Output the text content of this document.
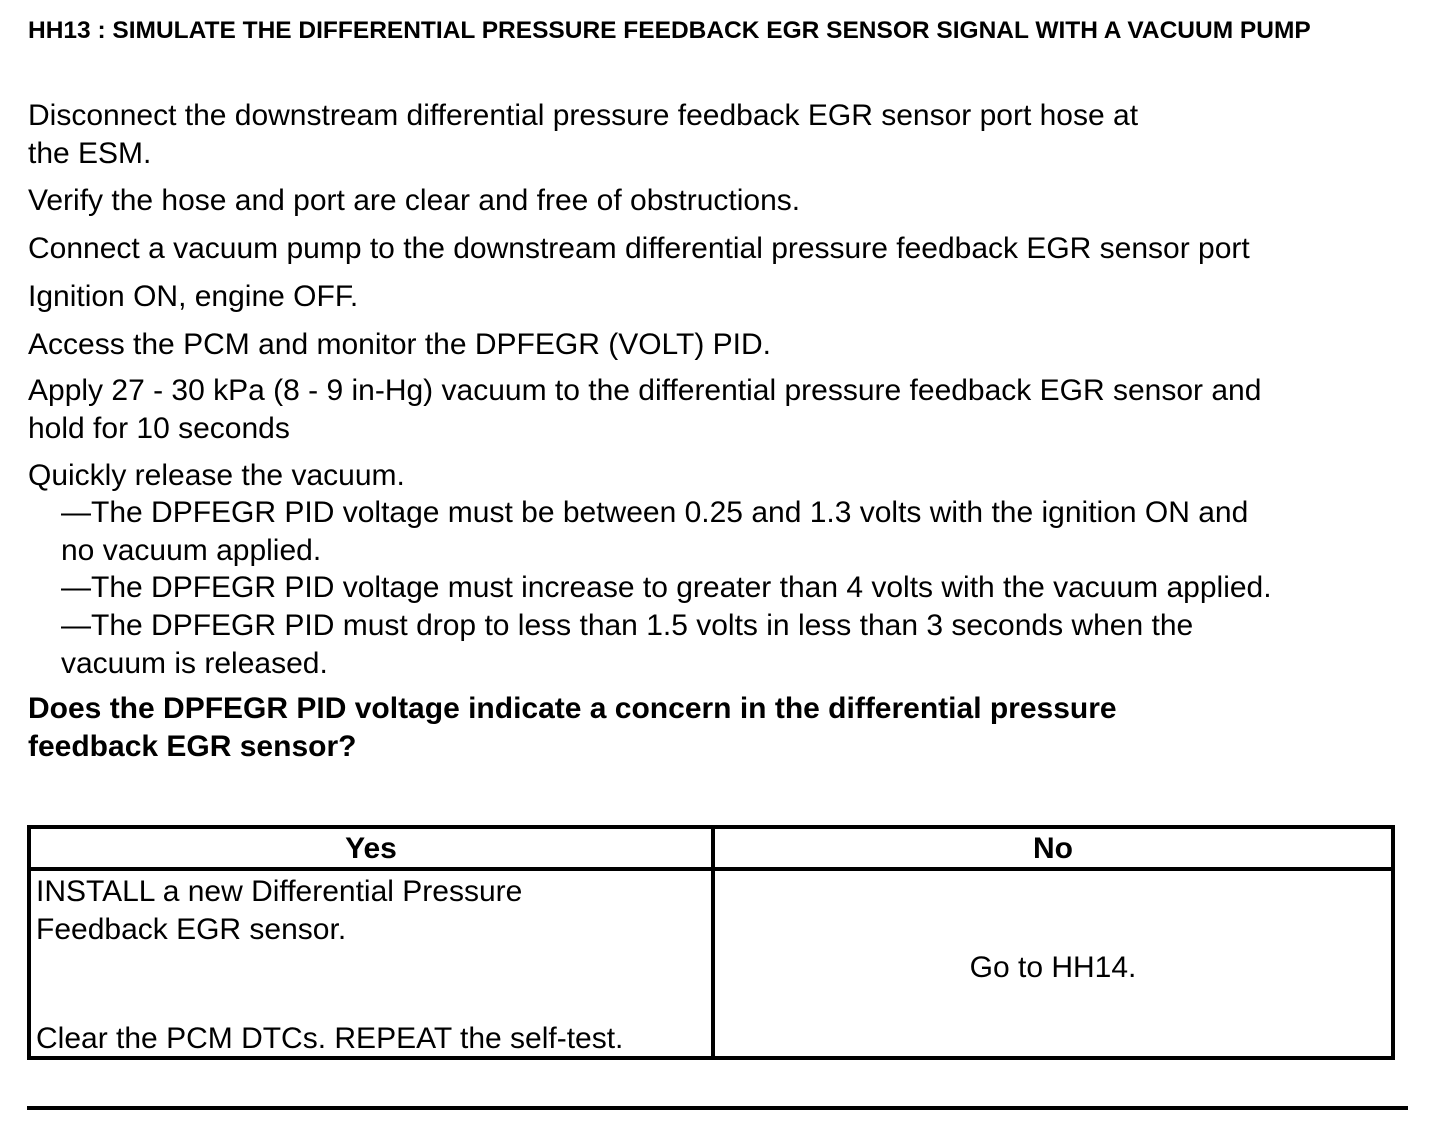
HH13 : SIMULATE THE DIFFERENTIAL PRESSURE FEEDBACK EGR SENSOR SIGNAL WITH A VACUUM PUMP
Disconnect the downstream differential pressure feedback EGR sensor port hose at
the ESM.
Verify the hose and port are clear and free of obstructions.
Connect a vacuum pump to the downstream differential pressure feedback EGR sensor port
Ignition ON, engine OFF.
Access the PCM and monitor the DPFEGR (VOLT) PID.
Apply 27 - 30 kPa (8 - 9 in-Hg) vacuum to the differential pressure feedback EGR sensor and
hold for 10 seconds
Quickly release the vacuum.
—The DPFEGR PID voltage must be between 0.25 and 1.3 volts with the ignition ON and
no vacuum applied.
—The DPFEGR PID voltage must increase to greater than 4 volts with the vacuum applied.
—The DPFEGR PID must drop to less than 1.5 volts in less than 3 seconds when the
vacuum is released.
Does the DPFEGR PID voltage indicate a concern in the differential pressure
feedback EGR sensor?
Yes	No
INSTALL a new Differential Pressure
Feedback EGR sensor.
Clear the PCM DTCs. REPEAT the self-test.
Go to HH14.
